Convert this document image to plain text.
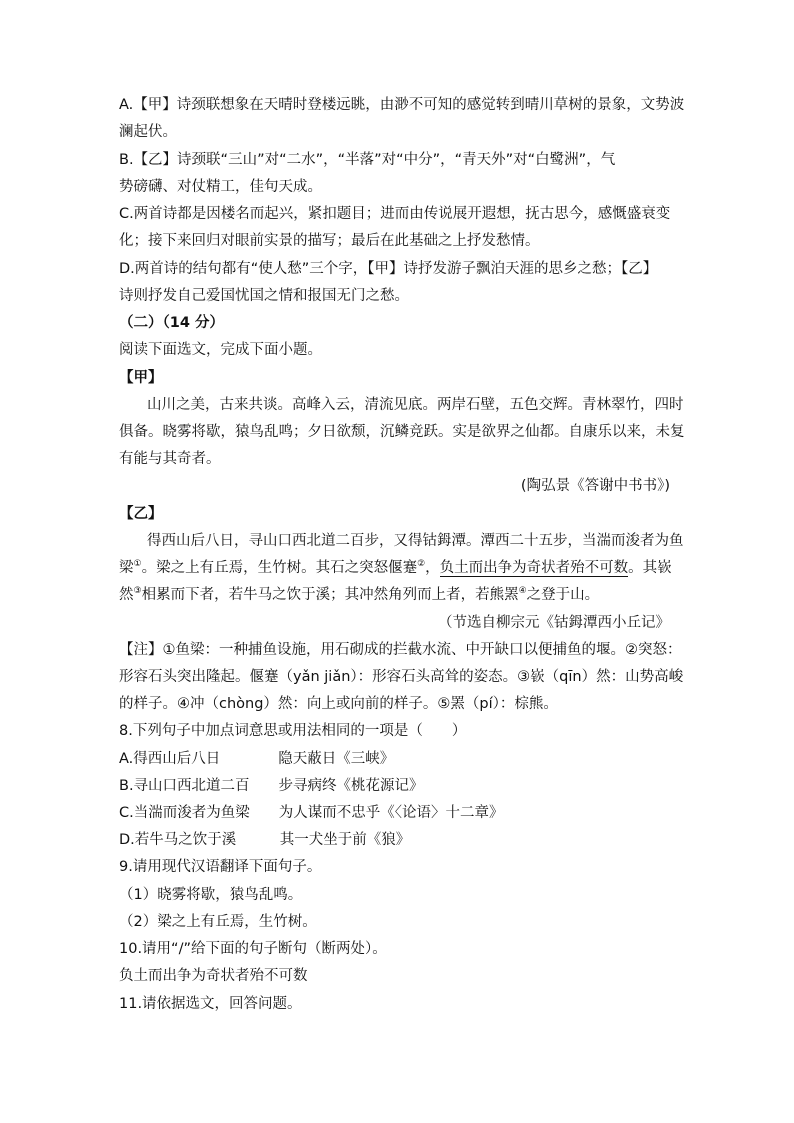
A.【甲】诗颈联想象在天晴时登楼远眺，由渺不可知的感觉转到晴川草树的景象，文势波
澜起伏。
B.【乙】诗颈联“三山”对“二水”，“半落”对“中分”，“青天外”对“白鹭洲”，气
势磅礴、对仗精工，佳句天成。
C.两首诗都是因楼名而起兴，紧扣题目；进而由传说展开遐想，抚古思今，感慨盛衰变
化；接下来回归对眼前实景的描写；最后在此基础之上抒发愁情。
D.两首诗的结句都有“使人愁”三个字，【甲】诗抒发游子飘泊天涯的思乡之愁；【乙】
诗则抒发自己爱国忧国之情和报国无门之愁。
（二）（14 分）
阅读下面选文，完成下面小题。
【甲】
山川之美，古来共谈。高峰入云，清流见底。两岸石壁，五色交辉。青林翠竹，四时
俱备。晓雾将歇，猿鸟乱鸣；夕日欲颓，沉鳞竞跃。实是欲界之仙都。自康乐以来，未复
有能与其奇者。
(陶弘景《答谢中书书》)
【乙】
得西山后八日，寻山口西北道二百步，又得钴鉧潭。潭西二十五步，当湍而浚者为鱼
梁①。梁之上有丘焉，生竹树。其石之突怒偃蹇②，负土而出争为奇状者殆不可数。其嵚
然③相累而下者，若牛马之饮于溪；其冲然角列而上者，若熊罴④之登于山。
（节选自柳宗元《钴鉧潭西小丘记》
【注】①鱼梁：一种捕鱼设施，用石砌成的拦截水流、中开缺口以便捕鱼的堰。②突怒：
形容石头突出隆起。偃蹇（yǎn jiǎn）：形容石头高耸的姿态。③嵚（qīn）然：山势高峻
的样子。④冲（chòng）然：向上或向前的样子。⑤罴（pí）：棕熊。
8.下列句子中加点词意思或用法相同的一项是（　　）
A.得西山后八日　　　　隐天蔽日《三峡》
B.寻山口西北道二百　　步寻病终《桃花源记》
C.当湍而浚者为鱼梁　　为人谋而不忠乎《〈论语〉十二章》
D.若牛马之饮于溪　　　其一犬坐于前《狼》
9.请用现代汉语翻译下面句子。
（1）晓雾将歇，猿鸟乱鸣。
（2）梁之上有丘焉，生竹树。
10.请用“/”给下面的句子断句（断两处）。
负土而出争为奇状者殆不可数
11.请依据选文，回答问题。
